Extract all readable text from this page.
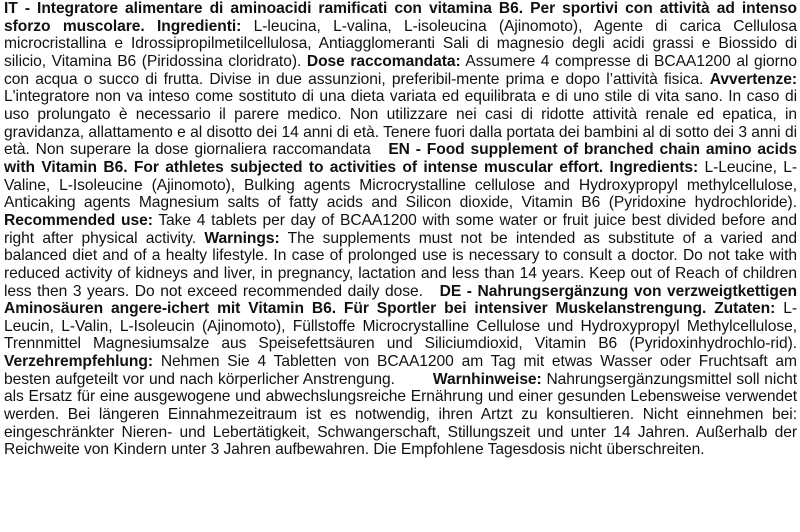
IT - Integratore alimentare di aminoacidi ramificati con vitamina B6. Per sportivi con attività ad intenso sforzo muscolare. Ingredienti: L-leucina, L-valina, L-isoleucina (Ajinomoto), Agente di carica Cellulosa microcristallina e Idrossipropilmetilcellulosa, Antiagglomeranti Sali di magnesio degli acidi grassi e Biossido di silicio, Vitamina B6 (Piridossina cloridrato). Dose raccomandata: Assumere 4 compresse di BCAA1200 al giorno con acqua o succo di frutta. Divise in due assunzioni, preferibil-mente prima e dopo l’attività fisica. Avvertenze: L'integratore non va inteso come sostituto di una dieta variata ed equilibrata e di uno stile di vita sano. In caso di uso prolungato è necessario il parere medico. Non utilizzare nei casi di ridotte attività renale ed epatica, in gravidanza, allattamento e al disotto dei 14 anni di età. Tenere fuori dalla portata dei bambini al di sotto dei 3 anni di età. Non superare la dose giornaliera raccomandata EN - Food supplement of branched chain amino acids with Vitamin B6. For athletes subjected to activities of intense muscular effort. Ingredients: L-Leucine, L-Valine, L-Isoleucine (Ajinomoto), Bulking agents Microcrystalline cellulose and Hydroxypropyl methylcellulose, Anticaking agents Magnesium salts of fatty acids and Silicon dioxide, Vitamin B6 (Pyridoxine hydrochloride). Recommended use: Take 4 tablets per day of BCAA1200 with some water or fruit juice best divided before and right after physical activity. Warnings: The supplements must not be intended as substitute of a varied and balanced diet and of a healty lifestyle. In case of prolonged use is necessary to consult a doctor. Do not take with reduced activity of kidneys and liver, in pregnancy, lactation and less than 14 years. Keep out of Reach of children less then 3 years. Do not exceed recommended daily dose. DE - Nahrungsergänzung von verzweigtkettigen Aminosäuren angere-ichert mit Vitamin B6. Für Sportler bei intensiver Muskelanstrengung. Zutaten: L-Leucin, L-Valin, L-Isoleucin (Ajinomoto), Füllstoffe Microcrystalline Cellulose und Hydroxypropyl Methylcellulose, Trennmittel Magnesiumsalze aus Speisefettsäuren und Siliciumdioxid, Vitamin B6 (Pyridoxinhydrochlo-rid). Verzehrempfehlung: Nehmen Sie 4 Tabletten von BCAA1200 am Tag mit etwas Wasser oder Fruchtsaft am besten aufgeteilt vor und nach körperlicher Anstrengung. Warnhinweise: Nahrungsergänzungsmittel soll nicht als Ersatz für eine ausgewogene und abwechslungsreiche Ernährung und einer gesunden Lebensweise verwendet werden. Bei längeren Einnahmezeitraum ist es notwendig, ihren Artzt zu konsultieren. Nicht einnehmen bei: eingeschränkter Nieren- und Lebertätigkeit, Schwangerschaft, Stillungszeit und unter 14 Jahren. Außerhalb der Reichweite von Kindern unter 3 Jahren aufbewahren. Die Empfohlene Tagesdosis nicht überschreiten.
